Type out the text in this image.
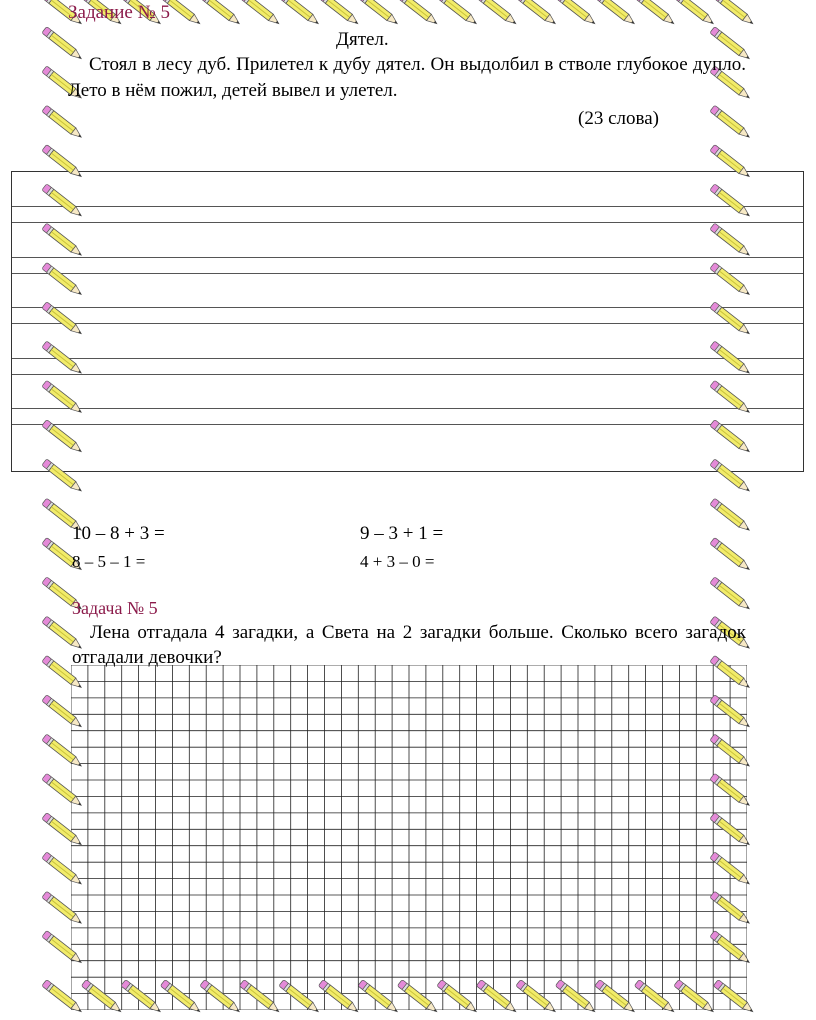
Задание № 5
Дятел.
Стоял в лесу дуб. Прилетел к дубу дятел. Он выдолбил в стволе глубокое дупло. Лето в нём пожил, детей вывел и улетел.
(23 слова)
10 – 8 + 3 =
8 – 5 – 1 =
9 – 3 + 1 =
4 + 3 – 0 =
Задача № 5
Лена отгадала 4 загадки, а Света на 2 загадки больше. Сколько всего загадок отгадали девочки?
